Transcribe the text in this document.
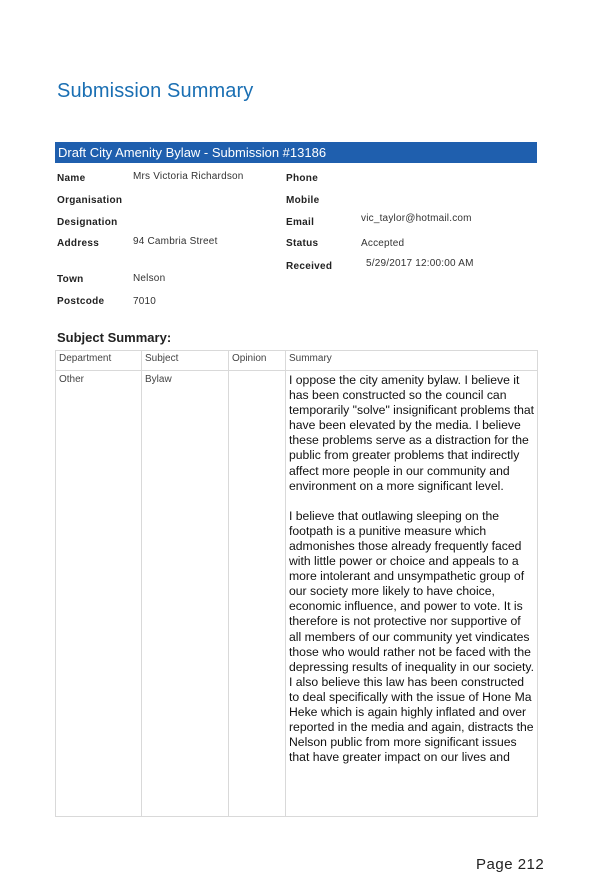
Submission Summary
Draft City Amenity Bylaw - Submission #13186
Name	Mrs Victoria Richardson
Organisation
Designation
Address	94 Cambria Street
Town	Nelson
Postcode	7010
Phone
Mobile
Email	vic_taylor@hotmail.com
Status	Accepted
Received	5/29/2017 12:00:00 AM
Subject Summary:
Department	Subject	Opinion	Summary
Other	Bylaw		I oppose the city amenity bylaw. I believe it has been constructed so the council can temporarily "solve" insignificant problems that have been elevated by the media. I believe these problems serve as a distraction for the public from greater problems that indirectly affect more people in our community and environment on a more significant level.

I believe that outlawing sleeping on the footpath is a punitive measure which admonishes those already frequently faced with little power or choice and appeals to a more intolerant and unsympathetic group of our society more likely to have choice, economic influence, and power to vote. It is therefore is not protective nor supportive of all members of our community yet vindicates those who would rather not be faced with the depressing results of inequality in our society. I also believe this law has been constructed to deal specifically with the issue of Hone Ma Heke which is again highly inflated and over reported in the media and again, distracts the Nelson public from more significant issues that have greater impact on our lives and

Page 212
